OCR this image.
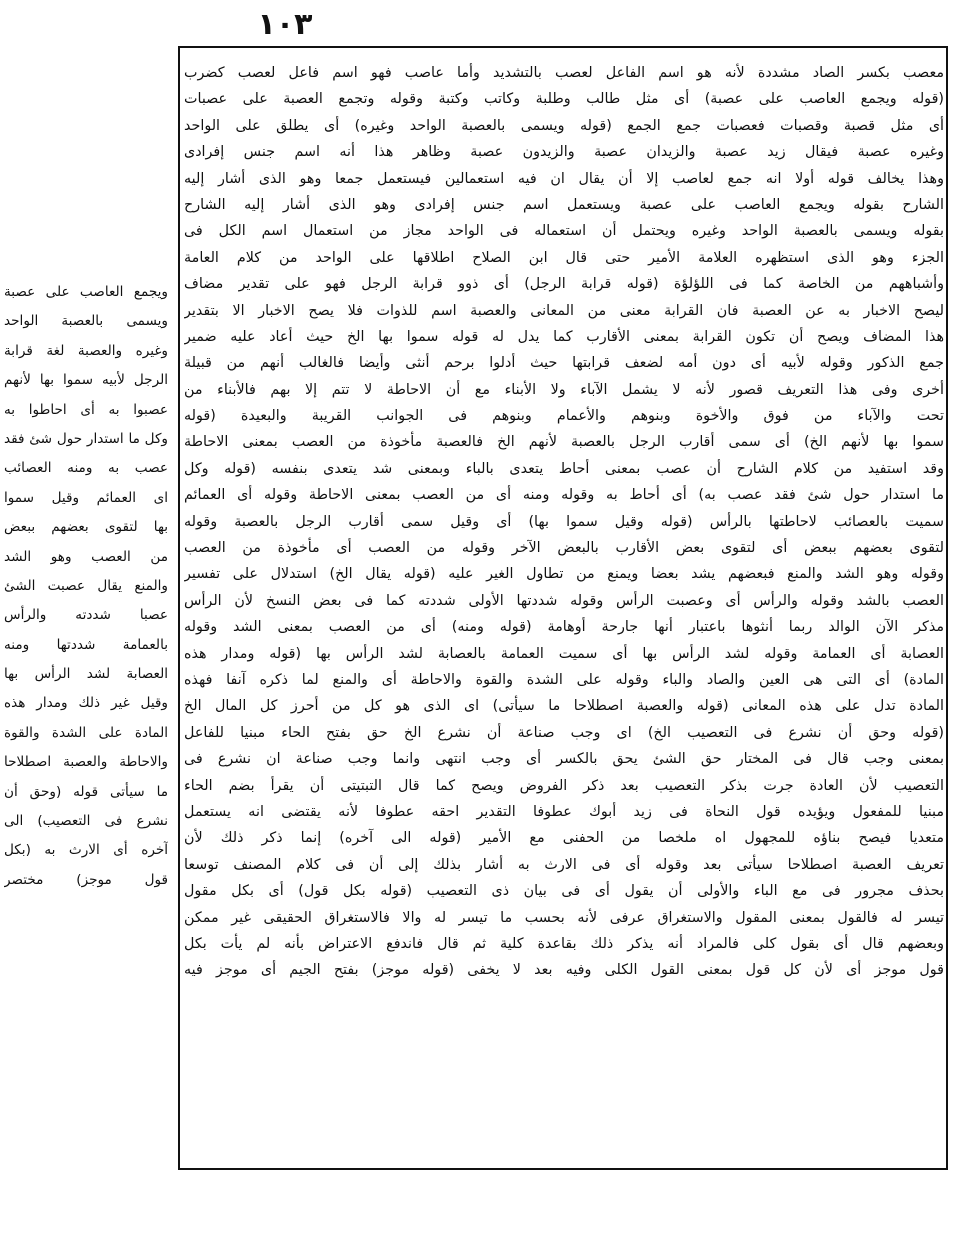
١٠٣
معصب بكسر الصاد مشددة لأنه هو اسم الفاعل لعصب بالتشديد وأما عاصب فهو اسم فاعل لعصب كضرب
(قوله ويجمع العاصب على عصبة) أى مثل طالب وطلبة وكاتب وكتبة وقوله وتجمع العصبة على عصبات
أى مثل قصبة وقصبات فعصبات جمع الجمع (قوله ويسمى بالعصبة الواحد وغيره) أى يطلق على الواحد
وغيره عصبة فيقال زيد عصبة والزيدان عصبة والزيدون عصبة وظاهر هذا أنه اسم جنس إفرادى
وهذا يخالف قوله أولا انه جمع لعاصب إلا أن يقال ان فيه استعمالين فيستعمل جمعا وهو الذى أشار إليه
الشارح بقوله ويجمع العاصب على عصبة ويستعمل اسم جنس إفرادى وهو الذى أشار إليه الشارح
بقوله ويسمى بالعصبة الواحد وغيره ويحتمل أن استعماله فى الواحد مجاز من استعمال اسم الكل فى
الجزء وهو الذى استظهره العلامة الأمير حتى قال ابن الصلاح اطلاقها على الواحد من كلام العامة
وأشباههم من الخاصة كما فى اللؤلؤة (قوله قرابة الرجل) أى ذوو قرابة الرجل فهو على تقدير مضاف
ليصح الاخبار به عن العصبة فان القرابة معنى من المعانى والعصبة اسم للذوات فلا يصح الاخبار الا بتقدير
هذا المضاف ويصح أن تكون القرابة بمعنى الأقارب كما يدل له قوله سموا بها الخ حيث أعاد عليه ضمير
جمع الذكور وقوله لأبيه أى دون أمه لضعف قرابتها حيث أدلوا برحم أنثى وأيضا فالغالب أنهم من قبيلة
أخرى وفى هذا التعريف قصور لأنه لا يشمل الآباء ولا الأبناء مع أن الاحاطة لا تتم إلا بهم فالأبناء من
تحت والآباء من فوق والأخوة وبنوهم والأعمام وبنوهم فى الجوانب القريبة والبعيدة (قوله
سموا بها لأنهم الخ) أى سمى أقارب الرجل بالعصبة لأنهم الخ فالعصبة مأخوذة من العصب بمعنى الاحاطة
وقد استفيد من كلام الشارح أن عصب بمعنى أحاط يتعدى بالباء وبمعنى شد يتعدى بنفسه (قوله وكل
ما استدار حول شئ فقد عصب به) أى أحاط به وقوله ومنه أى من العصب بمعنى الاحاطة وقوله أى العمائم
سميت بالعصائب لاحاطتها بالرأس (قوله وقيل سموا بها) أى وقيل سمى أقارب الرجل بالعصبة وقوله
لتقوى بعضهم ببعض أى لتقوى بعض الأقارب بالبعض الآخر وقوله من العصب أى مأخوذة من العصب
وقوله وهو الشد والمنع فبعضهم يشد بعضا ويمنع من تطاول الغير عليه (قوله يقال الخ) استدلال على تفسير
العصب بالشد وقوله والرأس أى وعصبت الرأس وقوله شددتها الأولى شددته كما فى بعض النسخ لأن الرأس
مذكر الآن الوالد ربما أنثوها باعتبار أنها جارحة أوهامة (قوله ومنه) أى من العصب بمعنى الشد وقوله
العصابة أى العمامة وقوله لشد الرأس بها أى سميت العمامة بالعصابة لشد الرأس بها (قوله ومدار هذه
المادة) أى التى هى العين والصاد والباء وقوله على الشدة والقوة والاحاطة أى والمنع لما ذكره آنفا فهذه
المادة تدل على هذه المعانى (قوله والعصبة اصطلاحا ما سيأتى) اى الذى هو كل من أحرز كل المال الخ
(قوله وحق أن نشرع فى التعصيب الخ) اى وجب صناعة أن نشرع الخ حق بفتح الحاء مبنيا للفاعل
بمعنى وجب قال فى المختار حق الشئ يحق بالكسر أى وجب انتهى وانما وجب صناعة ان نشرع فى
التعصيب لأن العادة جرت بذكر التعصيب بعد ذكر الفروض ويصح كما قال التبتيتى أن يقرأ بضم الحاء
مبنيا للمفعول ويؤيده قول النحاة فى زيد أبوك عطوفا التقدير احقه عطوفا لأنه يقتضى انه يستعمل
متعديا فيصح بناؤه للمجهول اه ملخصا من الحفنى مع الأمير (قوله الى آخره) إنما ذكر ذلك لأن
تعريف العصبة اصطلاحا سيأتى بعد وقوله أى فى الارث به أشار بذلك إلى أن فى كلام المصنف توسعا
بحذف مجرور فى مع الباء والأولى أن يقول أى فى بيان ذى التعصيب (قوله بكل قول) أى بكل مقول
تيسر له فالقول بمعنى المقول والاستغراق عرفى لأنه بحسب ما تيسر له والا فالاستغراق الحقيقى غير ممكن
وبعضهم قال أى بقول كلى فالمراد أنه يذكر ذلك بقاعدة كلية ثم قال فاندفع الاعتراض بأنه لم يأت بكل
قول موجز أى لأن كل قول بمعنى القول الكلى وفيه بعد لا يخفى (قوله موجز) بفتح الجيم أى موجز فيه
ويجمع العاصب على عصبة
ويسمى بالعصبة الواحد
وغيره والعصبة لغة قرابة
الرجل لأبيه سموا بها لأنهم
عصبوا به أى احاطوا به
وكل ما استدار حول شئ فقد
عصب به ومنه العصائب
اى العمائم وقيل سموا
بها لتقوى بعضهم ببعض
من العصب وهو الشد
والمنع يقال عصبت الشئ
عصبا شددته والرأس
بالعمامة شددتها ومنه
العصابة لشد الرأس بها
وقيل غير ذلك ومدار هذه
المادة على الشدة والقوة
والاحاطة والعصبة اصطلاحا
ما سيأتى قوله (وحق أن
نشرع فى التعصيب) الى
آخره أى الارث به (بكل
قول موجز) مختصر
